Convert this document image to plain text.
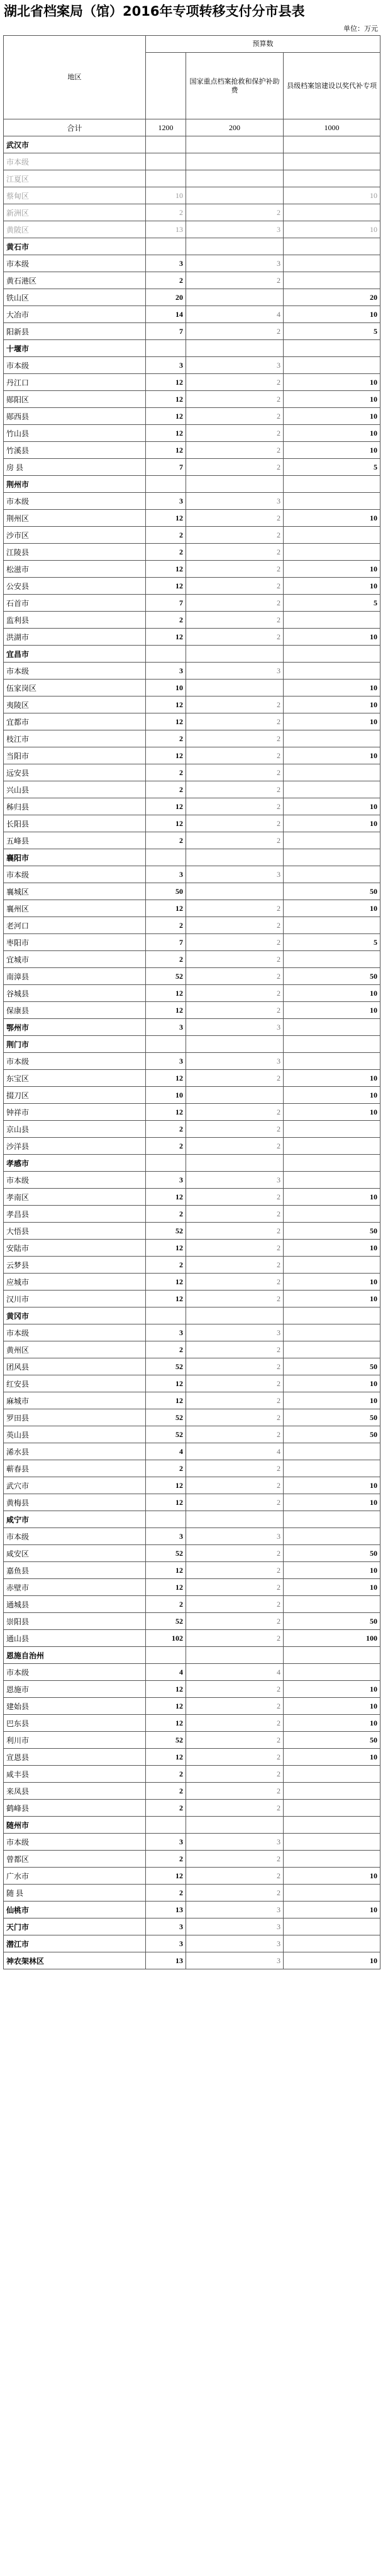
湖北省档案局（馆）2016年专项转移支付分市县表
单位：万元
地区	预算数		
		国家重点档案抢救和保护补助费	县级档案馆建设以奖代补专项
合计	1200	200	1000
武汉市			
市本级			
江夏区			
蔡甸区	10		10
新洲区	2	2	
黄陂区	13	3	10
黄石市			
市本级	3	3	
黄石港区	2	2	
铁山区	20		20
大冶市	14	4	10
阳新县	7	2	5
十堰市			
市本级	3	3	
丹江口	12	2	10
郧阳区	12	2	10
郧西县	12	2	10
竹山县	12	2	10
竹溪县	12	2	10
房 县	7	2	5
荆州市			
市本级	3	3	
荆州区	12	2	10
沙市区	2	2	
江陵县	2	2	
松滋市	12	2	10
公安县	12	2	10
石首市	7	2	5
监利县	2	2	
洪湖市	12	2	10
宜昌市			
市本级	3	3	
伍家岗区	10		10
夷陵区	12	2	10
宜都市	12	2	10
枝江市	2	2	
当阳市	12	2	10
远安县	2	2	
兴山县	2	2	
秭归县	12	2	10
长阳县	12	2	10
五峰县	2	2	
襄阳市			
市本级	3	3	
襄城区	50		50
襄州区	12	2	10
老河口	2	2	
枣阳市	7	2	5
宜城市	2	2	
南漳县	52	2	50
谷城县	12	2	10
保康县	12	2	10
鄂州市	3	3	
荆门市			
市本级	3	3	
东宝区	12	2	10
掇刀区	10		10
钟祥市	12	2	10
京山县	2	2	
沙洋县	2	2	
孝感市			
市本级	3	3	
孝南区	12	2	10
孝昌县	2	2	
大悟县	52	2	50
安陆市	12	2	10
云梦县	2	2	
应城市	12	2	10
汉川市	12	2	10
黄冈市			
市本级	3	3	
黄州区	2	2	
团风县	52	2	50
红安县	12	2	10
麻城市	12	2	10
罗田县	52	2	50
英山县	52	2	50
浠水县	4	4	
蕲春县	2	2	
武穴市	12	2	10
黄梅县	12	2	10
咸宁市			
市本级	3	3	
咸安区	52	2	50
嘉鱼县	12	2	10
赤壁市	12	2	10
通城县	2	2	
崇阳县	52	2	50
通山县	102	2	100
恩施自治州			
市本级	4	4	
恩施市	12	2	10
建始县	12	2	10
巴东县	12	2	10
利川市	52	2	50
宣恩县	12	2	10
咸丰县	2	2	
来凤县	2	2	
鹤峰县	2	2	
随州市			
市本级	3	3	
曾都区	2	2	
广水市	12	2	10
随 县	2	2	
仙桃市	13	3	10
天门市	3	3	
潜江市	3	3	
神农架林区	13	3	10
